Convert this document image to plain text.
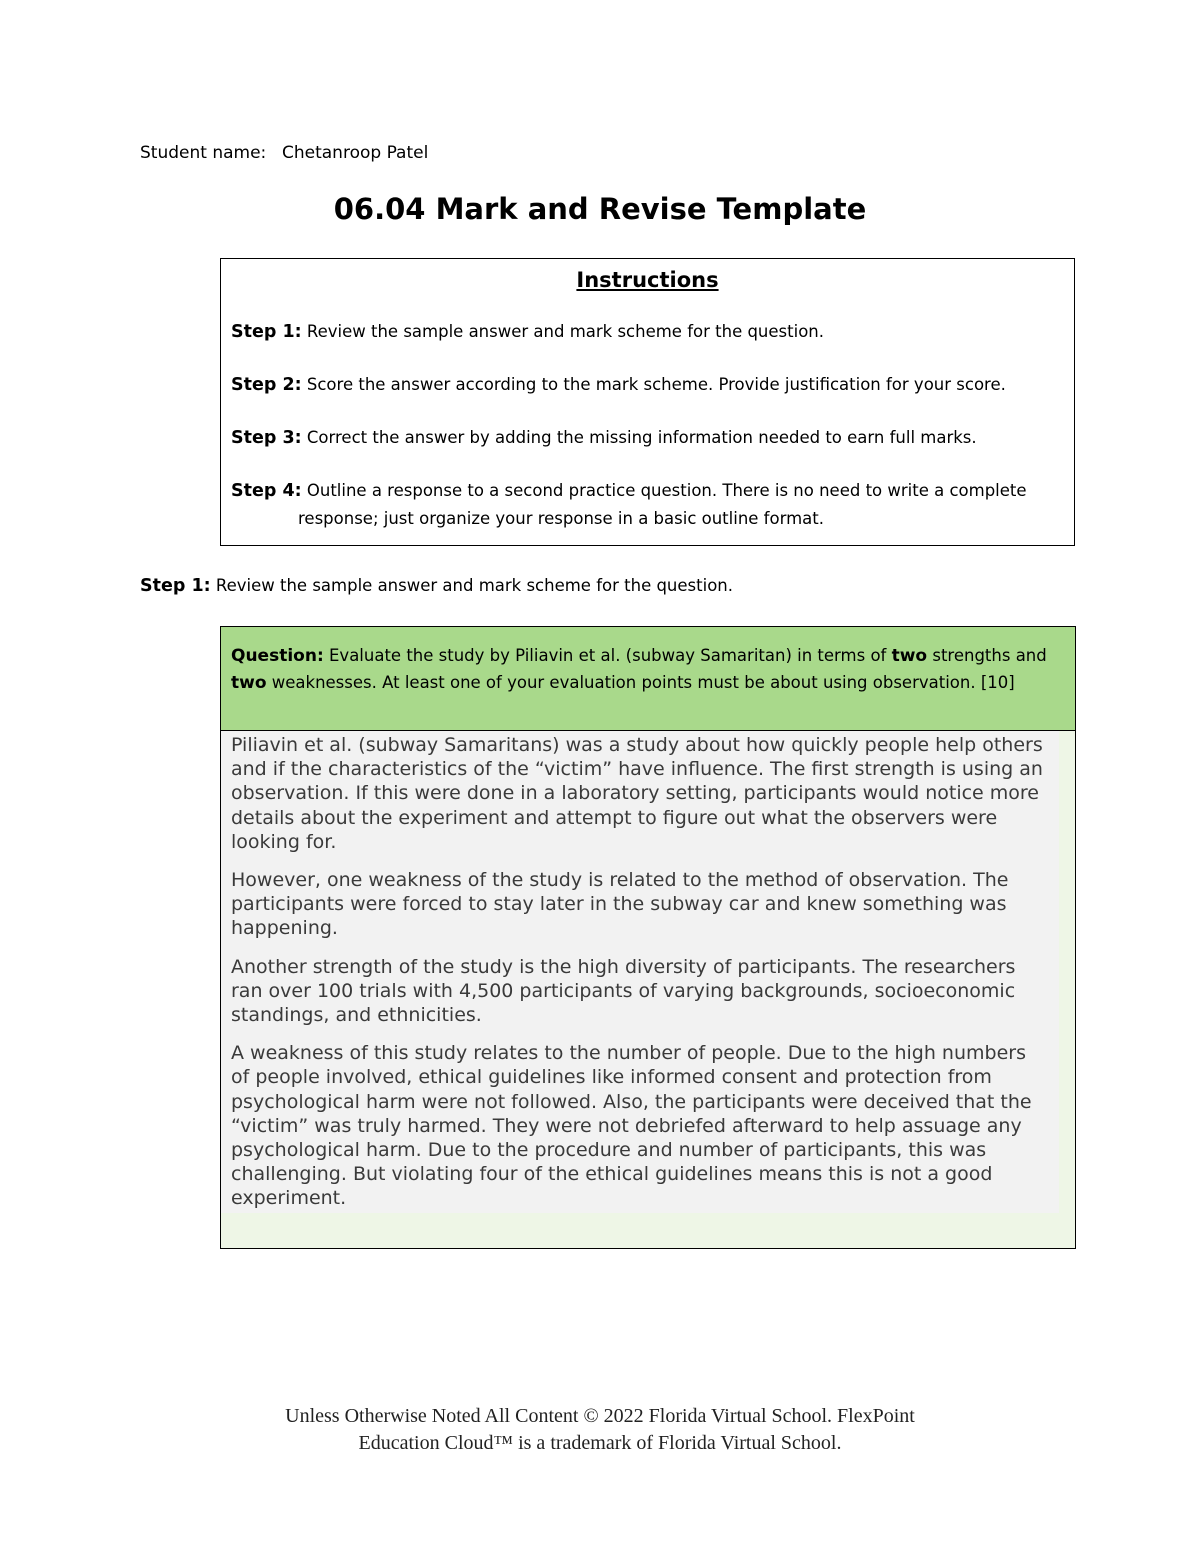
Student name: Chetanroop Patel
06.04 Mark and Revise Template
Instructions
Step 1: Review the sample answer and mark scheme for the question.
Step 2: Score the answer according to the mark scheme. Provide justification for your score.
Step 3: Correct the answer by adding the missing information needed to earn full marks.
Step 4: Outline a response to a second practice question. There is no need to write a complete response; just organize your response in a basic outline format.
Step 1: Review the sample answer and mark scheme for the question.
Question: Evaluate the study by Piliavin et al. (subway Samaritan) in terms of two strengths and two weaknesses. At least one of your evaluation points must be about using observation. [10]

Piliavin et al. (subway Samaritans) was a study about how quickly people help others and if the characteristics of the “victim” have influence. The first strength is using an observation. If this were done in a laboratory setting, participants would notice more details about the experiment and attempt to figure out what the observers were looking for.

However, one weakness of the study is related to the method of observation. The participants were forced to stay later in the subway car and knew something was happening.

Another strength of the study is the high diversity of participants. The researchers ran over 100 trials with 4,500 participants of varying backgrounds, socioeconomic standings, and ethnicities.

A weakness of this study relates to the number of people. Due to the high numbers of people involved, ethical guidelines like informed consent and protection from psychological harm were not followed. Also, the participants were deceived that the “victim” was truly harmed. They were not debriefed afterward to help assuage any psychological harm. Due to the procedure and number of participants, this was challenging. But violating four of the ethical guidelines means this is not a good experiment.

Unless Otherwise Noted All Content © 2022 Florida Virtual School. FlexPoint
Education Cloud™ is a trademark of Florida Virtual School.
